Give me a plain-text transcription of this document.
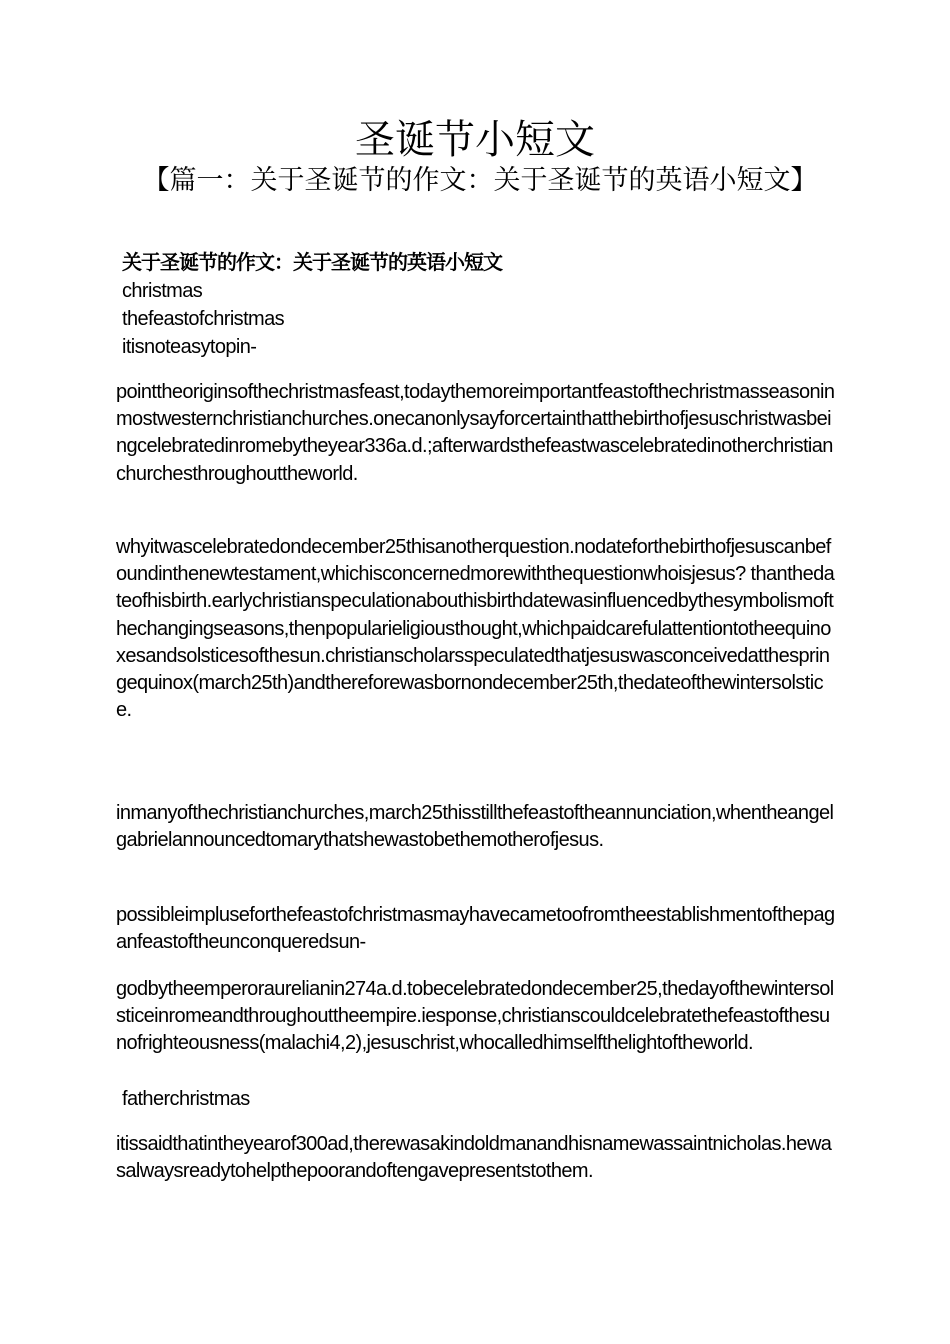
圣诞节小短文
【篇一：关于圣诞节的作文：关于圣诞节的英语小短文】
关于圣诞节的作文：关于圣诞节的英语小短文
christmas
thefeastofchristmas
itisnoteasytopin-
pointtheoriginsofthechristmasfeast,todaythemoreimportantfeastofthechristmasseasoninmostwesternchristianchurches.onecanonlysayforcertainthatthebirthofjesuschristwasbeingcelebratedinromebytheyear336a.d.;afterwardsthefeastwascelebratedinotherchristianchurchesthroughouttheworld.
whyitwascelebratedondecember25thisanotherquestion.nodateforthebirthofjesuscanbefoundinthenewtestament,whichisconcernedmorewiththequestionwhoisjesus? thanthedateofhisbirth.earlychristianspeculationabouthisbirthdatewasinfluencedbythesymbolismofthechangingseasons,thenpopularieligiousthought,whichpaidcarefulattentiontotheequinoxesandsolsticesofthesun.christianscholarsspeculatedthatjesuswasconceivedatthespringequinox(march25th)andthereforewasbornondecember25th,thedateofthewintersolstice.
inmanyofthechristianchurches,march25thisstillthefeastoftheannunciation,whentheangelgabrielannouncedtomarythatshewastobethemotherofjesus.
possibleimpluseforthefeastofchristmasmayhavecametoofromtheestablishmentofthepaganfeastoftheunconqueredsun-
godbytheemperoraurelianin274a.d.tobecelebratedondecember25,thedayofthewintersolsticeinromeandthroughouttheempire.iesponse,christianscouldcelebratethefeastofthesunofrighteousness(malachi4,2),jesuschrist,whocalledhimselfthelightoftheworld.
fatherchristmas
itissaidthatintheyearof300ad,therewasakindoldmanandhisnamewassaintnicholas.hewasalwaysreadytohelpthepoorandoftengavepresentstothem.
